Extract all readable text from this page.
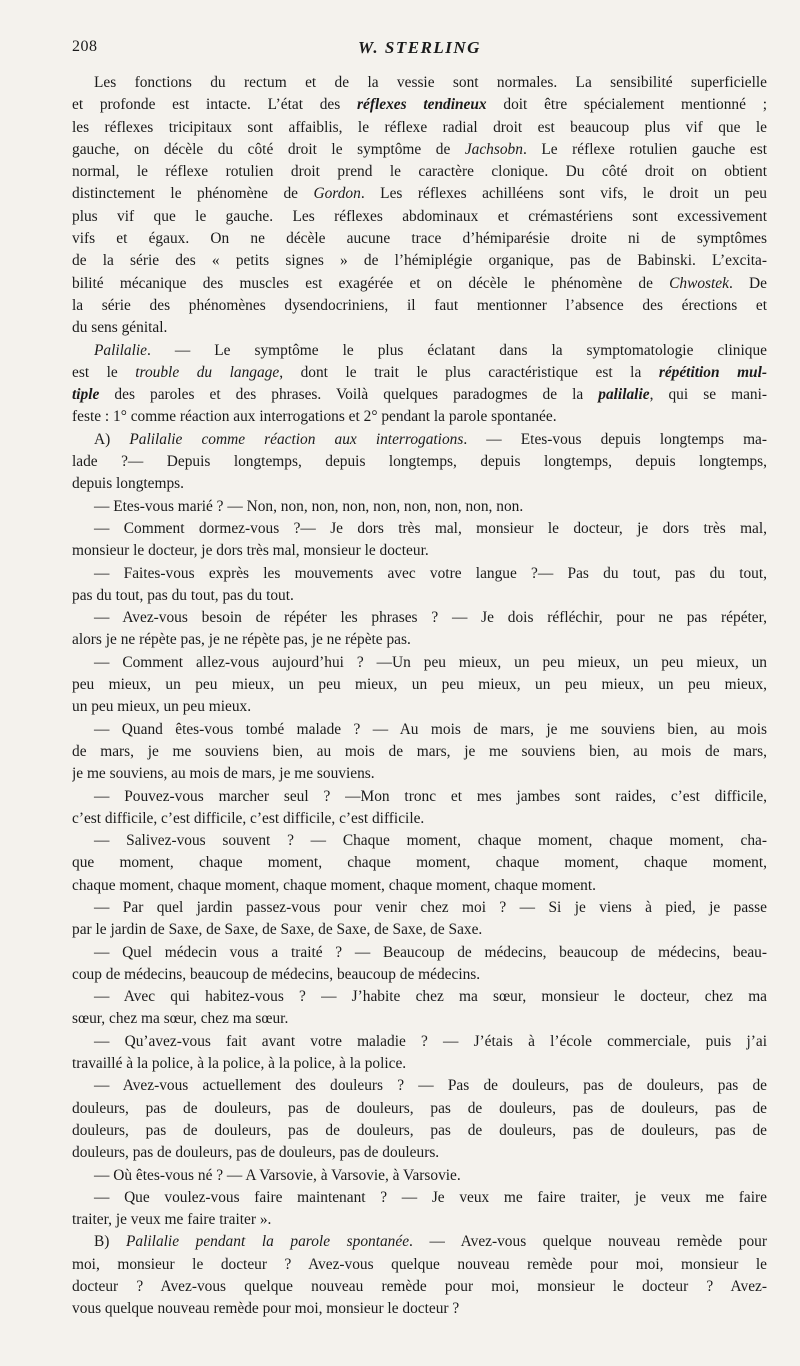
208	W. STERLING
Les fonctions du rectum et de la vessie sont normales. La sensibilité superficielle
et profonde est intacte. L’état des réflexes tendineux doit être spécialement mentionné ;
les réflexes tricipitaux sont affaiblis, le réflexe radial droit est beaucoup plus vif que le
gauche, on décèle du côté droit le symptôme de Jachsobn. Le réflexe rotulien gauche est
normal, le réflexe rotulien droit prend le caractère clonique. Du côté droit on obtient
distinctement le phénomène de Gordon. Les réflexes achilléens sont vifs, le droit un peu
plus vif que le gauche. Les réflexes abdominaux et crémastériens sont excessivement
vifs et égaux. On ne décèle aucune trace d’hémiparésie droite ni de symptômes
de la série des « petits signes » de l’hémiplégie organique, pas de Babinski. L’excita-
bilité mécanique des muscles est exagérée et on décèle le phénomène de Chwostek. De
la série des phénomènes dysendocriniens, il faut mentionner l’absence des érections et
du sens génital.
Palilalie. — Le symptôme le plus éclatant dans la symptomatologie clinique
est le trouble du langage, dont le trait le plus caractéristique est la répétition mul-
tiple des paroles et des phrases. Voilà quelques paradogmes de la palilalie, qui se mani-
feste : 1° comme réaction aux interrogations et 2° pendant la parole spontanée.
A) Palilalie comme réaction aux interrogations. — Etes-vous depuis longtemps ma-
lade ?— Depuis longtemps, depuis longtemps, depuis longtemps, depuis longtemps,
depuis longtemps.
— Etes-vous marié ? — Non, non, non, non, non, non, non, non, non.
— Comment dormez-vous ?— Je dors très mal, monsieur le docteur, je dors très mal,
monsieur le docteur, je dors très mal, monsieur le docteur.
— Faites-vous exprès les mouvements avec votre langue ?— Pas du tout, pas du tout,
pas du tout, pas du tout, pas du tout.
— Avez-vous besoin de répéter les phrases ? — Je dois réfléchir, pour ne pas répéter,
alors je ne répète pas, je ne répète pas, je ne répète pas.
— Comment allez-vous aujourd’hui ? —Un peu mieux, un peu mieux, un peu mieux, un
peu mieux, un peu mieux, un peu mieux, un peu mieux, un peu mieux, un peu mieux,
un peu mieux, un peu mieux.
— Quand êtes-vous tombé malade ? — Au mois de mars, je me souviens bien, au mois
de mars, je me souviens bien, au mois de mars, je me souviens bien, au mois de mars,
je me souviens, au mois de mars, je me souviens.
— Pouvez-vous marcher seul ? —Mon tronc et mes jambes sont raides, c’est difficile,
c’est difficile, c’est difficile, c’est difficile, c’est difficile.
— Salivez-vous souvent ? — Chaque moment, chaque moment, chaque moment, cha-
que moment, chaque moment, chaque moment, chaque moment, chaque moment,
chaque moment, chaque moment, chaque moment, chaque moment, chaque moment.
— Par quel jardin passez-vous pour venir chez moi ? — Si je viens à pied, je passe
par le jardin de Saxe, de Saxe, de Saxe, de Saxe, de Saxe, de Saxe.
— Quel médecin vous a traité ? — Beaucoup de médecins, beaucoup de médecins, beau-
coup de médecins, beaucoup de médecins, beaucoup de médecins.
— Avec qui habitez-vous ? — J’habite chez ma sœur, monsieur le docteur, chez ma
sœur, chez ma sœur, chez ma sœur.
— Qu’avez-vous fait avant votre maladie ? — J’étais à l’école commerciale, puis j’ai
travaillé à la police, à la police, à la police, à la police.
— Avez-vous actuellement des douleurs ? — Pas de douleurs, pas de douleurs, pas de
douleurs, pas de douleurs, pas de douleurs, pas de douleurs, pas de douleurs, pas de
douleurs, pas de douleurs, pas de douleurs, pas de douleurs, pas de douleurs, pas de
douleurs, pas de douleurs, pas de douleurs, pas de douleurs.
— Où êtes-vous né ? — A Varsovie, à Varsovie, à Varsovie.
— Que voulez-vous faire maintenant ? — Je veux me faire traiter, je veux me faire
traiter, je veux me faire traiter ».
B) Palilalie pendant la parole spontanée. — Avez-vous quelque nouveau remède pour
moi, monsieur le docteur ? Avez-vous quelque nouveau remède pour moi, monsieur le
docteur ? Avez-vous quelque nouveau remède pour moi, monsieur le docteur ? Avez-
vous quelque nouveau remède pour moi, monsieur le docteur ?
